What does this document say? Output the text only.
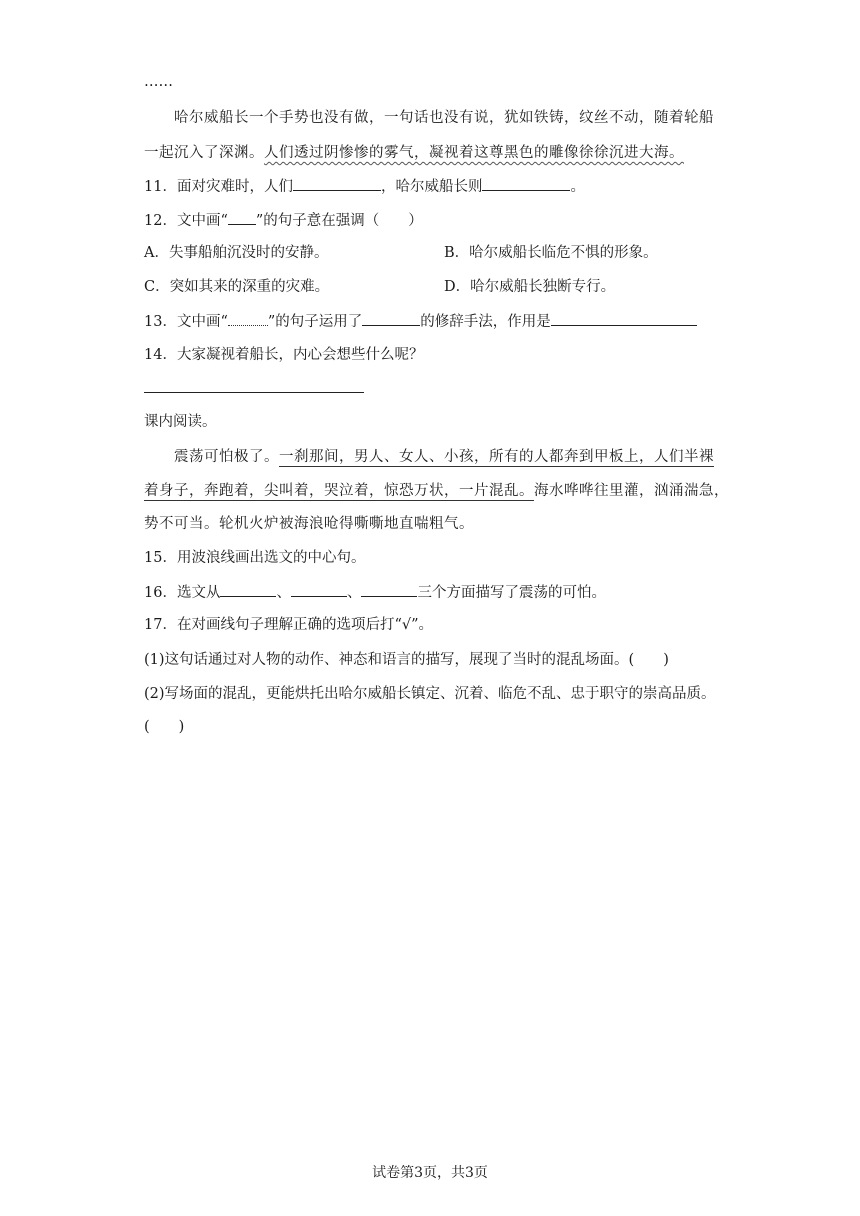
……
哈尔威船长一个手势也没有做，一句话也没有说，犹如铁铸，纹丝不动，随着轮船
一起沉入了深渊。人们透过阴惨惨的雾气，凝视着这尊黑色的雕像徐徐沉进大海。
11．面对灾难时，人们	，哈尔威船长则	。
12．文中画“ ”的句子意在强调（　　）
A．失事船舶沉没时的安静。	B．哈尔威船长临危不惧的形象。
C．突如其来的深重的灾难。	D．哈尔威船长独断专行。
13．文中画“	”的句子运用了	的修辞手法，作用是
14．大家凝视着船长，内心会想些什么呢？
课内阅读。
震荡可怕极了。一刹那间，男人、女人、小孩，所有的人都奔到甲板上，人们半裸
着身子，奔跑着，尖叫着，哭泣着，惊恐万状，一片混乱。海水哗哗往里灌，汹涌湍急，
势不可当。轮机火炉被海浪呛得嘶嘶地直喘粗气。
15．用波浪线画出选文的中心句。
16．选文从	、	、	三个方面描写了震荡的可怕。
17．在对画线句子理解正确的选项后打“√”。
(1)这句话通过对人物的动作、神态和语言的描写，展现了当时的混乱场面。(　　)
(2)写场面的混乱，更能烘托出哈尔威船长镇定、沉着、临危不乱、忠于职守的崇高品质。
(　　)
试卷第3页，共3页
